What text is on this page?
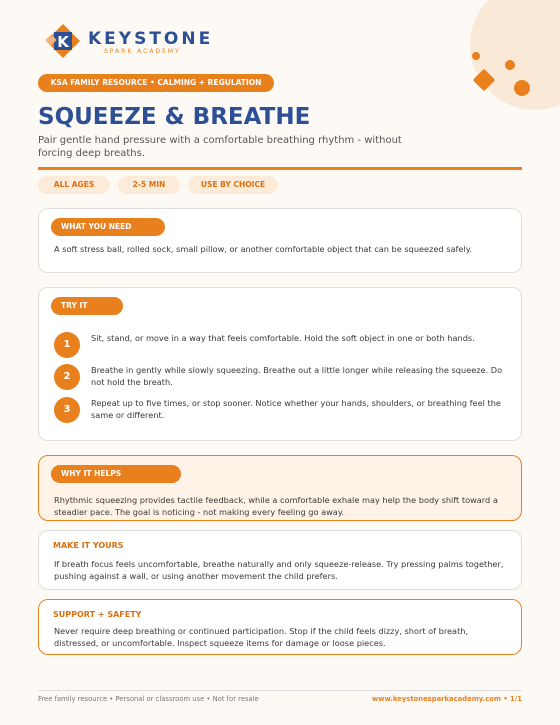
K KEYSTONE
SPARK ACADEMY
KSA FAMILY RESOURCE • CALMING + REGULATION
SQUEEZE & BREATHE

Pair gentle hand pressure with a comfortable breathing rhythm - without forcing deep breaths.

ALL AGES	2-5 MIN	USE BY CHOICE
WHAT YOU NEED

A soft stress ball, rolled sock, small pillow, or another comfortable object that can be squeezed safely.

TRY IT
1

Sit, stand, or move in a way that feels comfortable. Hold the soft object in one or both hands.

2

Breathe in gently while slowly squeezing. Breathe out a little longer while releasing the squeeze. Do not hold the breath.

3

Repeat up to five times, or stop sooner. Notice whether your hands, shoulders, or breathing feel the same or different.

WHY IT HELPS

Rhythmic squeezing provides tactile feedback, while a comfortable exhale may help the body shift toward a steadier pace. The goal is noticing - not making every feeling go away.

MAKE IT YOURS

If breath focus feels uncomfortable, breathe naturally and only squeeze-release. Try pressing palms together, pushing against a wall, or using another movement the child prefers.

SUPPORT + SAFETY

Never require deep breathing or continued participation. Stop if the child feels dizzy, short of breath, distressed, or uncomfortable. Inspect squeeze items for damage or loose pieces.

Free family resource • Personal or classroom use • Not for resale	www.keystonesparkacademy.com • 1/1
